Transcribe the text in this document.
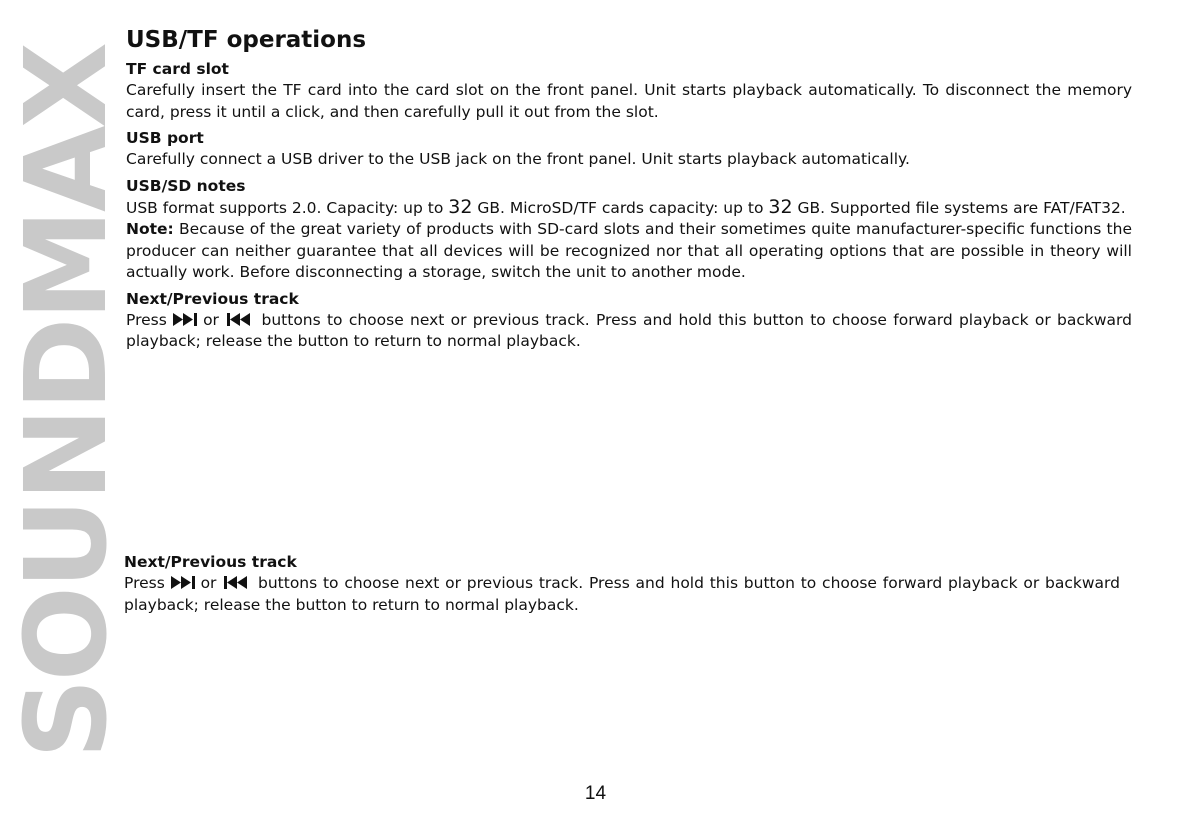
SOUNDMAX
USB/TF operations
TF card slot

Carefully insert the TF card into the card slot on the front panel. Unit starts playback automatically. To disconnect the memory card, press it until a click, and then carefully pull it out from the slot.

USB port

Carefully connect a USB driver to the USB jack on the front panel. Unit starts playback automatically.

USB/SD notes

USB format supports 2.0. Capacity: up to 32 GB. MicroSD/TF cards capacity: up to 32 GB. Supported file systems are FAT/FAT32.

Note: Because of the great variety of products with SD-card slots and their sometimes quite manufacturer-specific functions the producer can neither guarantee that all devices will be recognized nor that all operating options that are possible in theory will actually work. Before disconnecting a storage, switch the unit to another mode.

Next/Previous track

Press or  buttons to choose next or previous track. Press and hold this button to choose forward playback or backward playback; release the button to return to normal playback.

Next/Previous track

Press or  buttons to choose next or previous track. Press and hold this button to choose forward playback or backward playback; release the button to return to normal playback.

14
